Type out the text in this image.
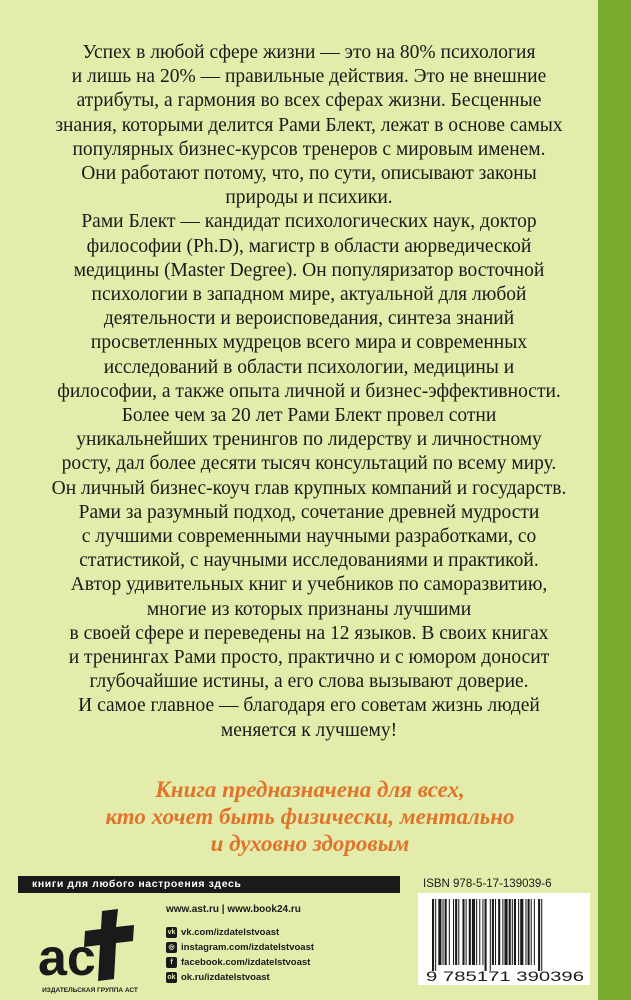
Успех в любой сфере жизни — это на 80% психология
и лишь на 20% — правильные действия. Это не внешние
атрибуты, а гармония во всех сферах жизни. Бесценные
знания, которыми делится Рами Блект, лежат в основе самых
популярных бизнес-курсов тренеров с мировым именем.
Они работают потому, что, по сути, описывают законы
природы и психики.
Рами Блект — кандидат психологических наук, доктор
философии (Ph.D), магистр в области аюрведической
медицины (Master Degree). Он популяризатор восточной
психологии в западном мире, актуальной для любой
деятельности и вероисповедания, синтеза знаний
просветленных мудрецов всего мира и современных
исследований в области психологии, медицины и
философии, а также опыта личной и бизнес-эффективности.
Более чем за 20 лет Рами Блект провел сотни
уникальнейших тренингов по лидерству и личностному
росту, дал более десяти тысяч консультаций по всему миру.
Он личный бизнес-коуч глав крупных компаний и государств.
Рами за разумный подход, сочетание древней мудрости
с лучшими современными научными разработками, со
статистикой, с научными исследованиями и практикой.
Автор удивительных книг и учебников по саморазвитию,
многие из которых признаны лучшими
в своей сфере и переведены на 12 языков. В своих книгах
и тренингах Рами просто, практично и с юмором доносит
глубочайшие истины, а его слова вызывают доверие.
И самое главное — благодаря его советам жизнь людей
меняется к лучшему!
Книга предназначена для всех,
кто хочет быть физически, ментально
и духовно здоровым
книги для любого настроения здесь
ас
ИЗДАТЕЛЬСКАЯ ГРУППА АСТ
www.ast.ru | www.book24.ru
vk vk.com/izdatelstvoast
◎ instagram.com/izdatelstvoast
f facebook.com/izdatelstvoast
ok ok.ru/izdatelstvoast
ISBN 978-5-17-139039-6
9 785171 390396
